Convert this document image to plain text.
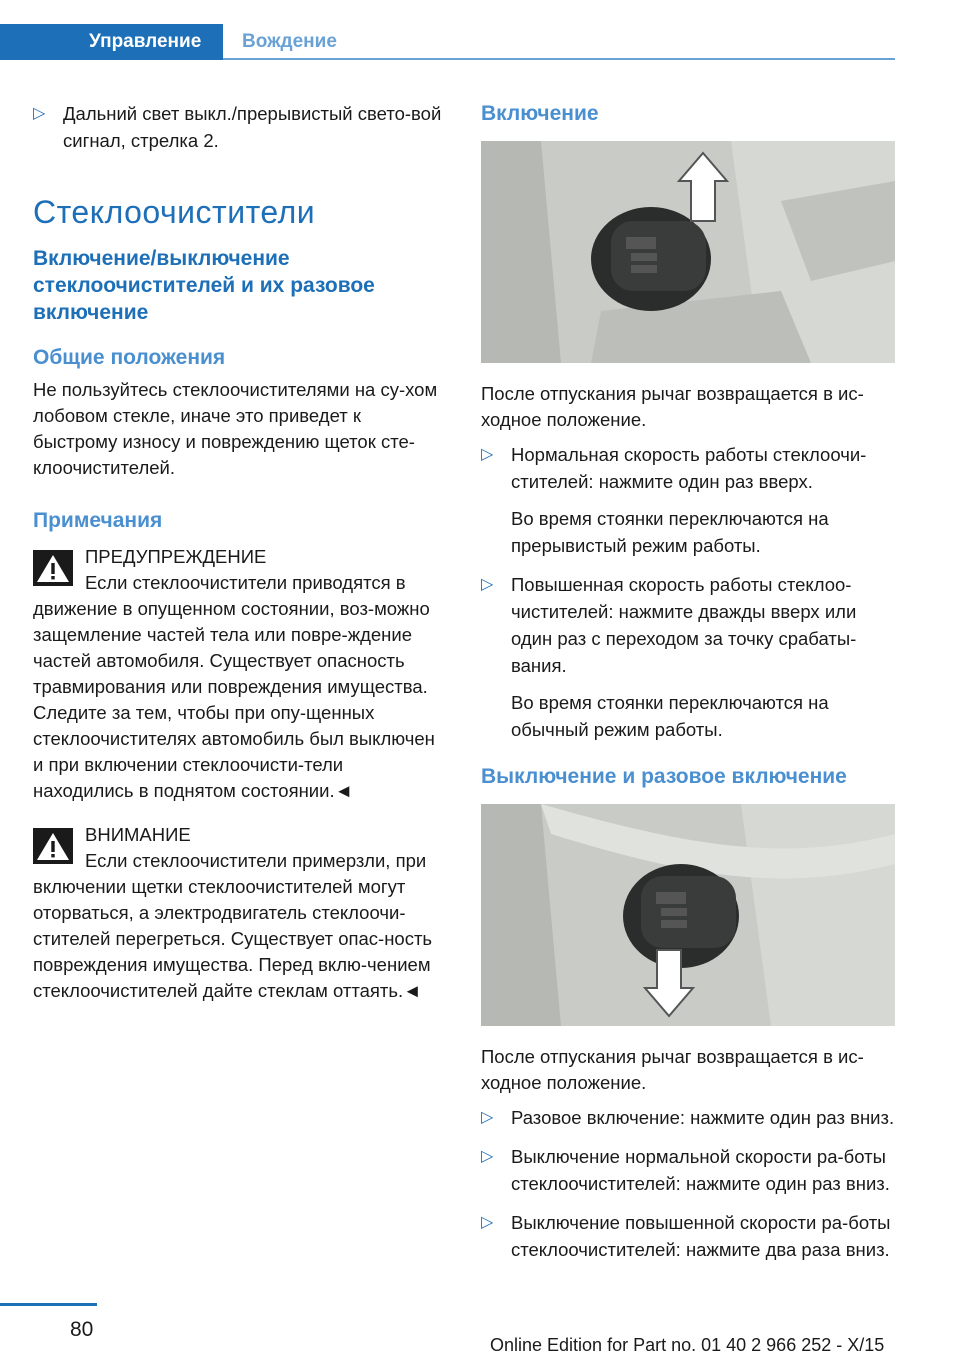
Управление	Вождение
▷ Дальний свет выкл./прерывистый свето-вой сигнал, стрелка 2.

Стеклоочистители
Включение/выключение стеклоочистителей и их разовое включение
Общие положения

Не пользуйтесь стеклоочистителями на су-хом лобовом стекле, иначе это приведет к быстрому износу и повреждению щеток сте-клоочистителей.

Примечания
ПРЕДУПРЕЖДЕНИЕ
Если стеклоочистители приводятся в движение в опущенном состоянии, воз-можно защемление частей тела или повре-ждение частей автомобиля. Существует опасность травмирования или повреждения имущества. Следите за тем, чтобы при опу-щенных стеклоочистителях автомобиль был выключен и при включении стеклоочисти-тели находились в поднятом состоянии.◄
ВНИМАНИЕ
Если стеклоочистители примерзли, при включении щетки стеклоочистителей могут оторваться, а электродвигатель стеклоочи-стителей перегреться. Существует опас-ность повреждения имущества. Перед вклю-чением стеклоочистителей дайте стеклам оттаять.◄
Включение

После отпускания рычаг возвращается в ис-ходное положение.

▷ Нормальная скорость работы стеклоочи-стителей: нажмите один раз вверх.

Во время стоянки переключаются на прерывистый режим работы.

▷ Повышенная скорость работы стеклоо-чистителей: нажмите дважды вверх или один раз с переходом за точку срабаты-вания.

Во время стоянки переключаются на обычный режим работы.

Выключение и разовое включение

После отпускания рычаг возвращается в ис-ходное положение.

▷ Разовое включение: нажмите один раз вниз.

▷ Выключение нормальной скорости ра-боты стеклоочистителей: нажмите один раз вниз.

▷ Выключение повышенной скорости ра-боты стеклоочистителей: нажмите два раза вниз.

80
Online Edition for Part no. 01 40 2 966 252 - X/15
